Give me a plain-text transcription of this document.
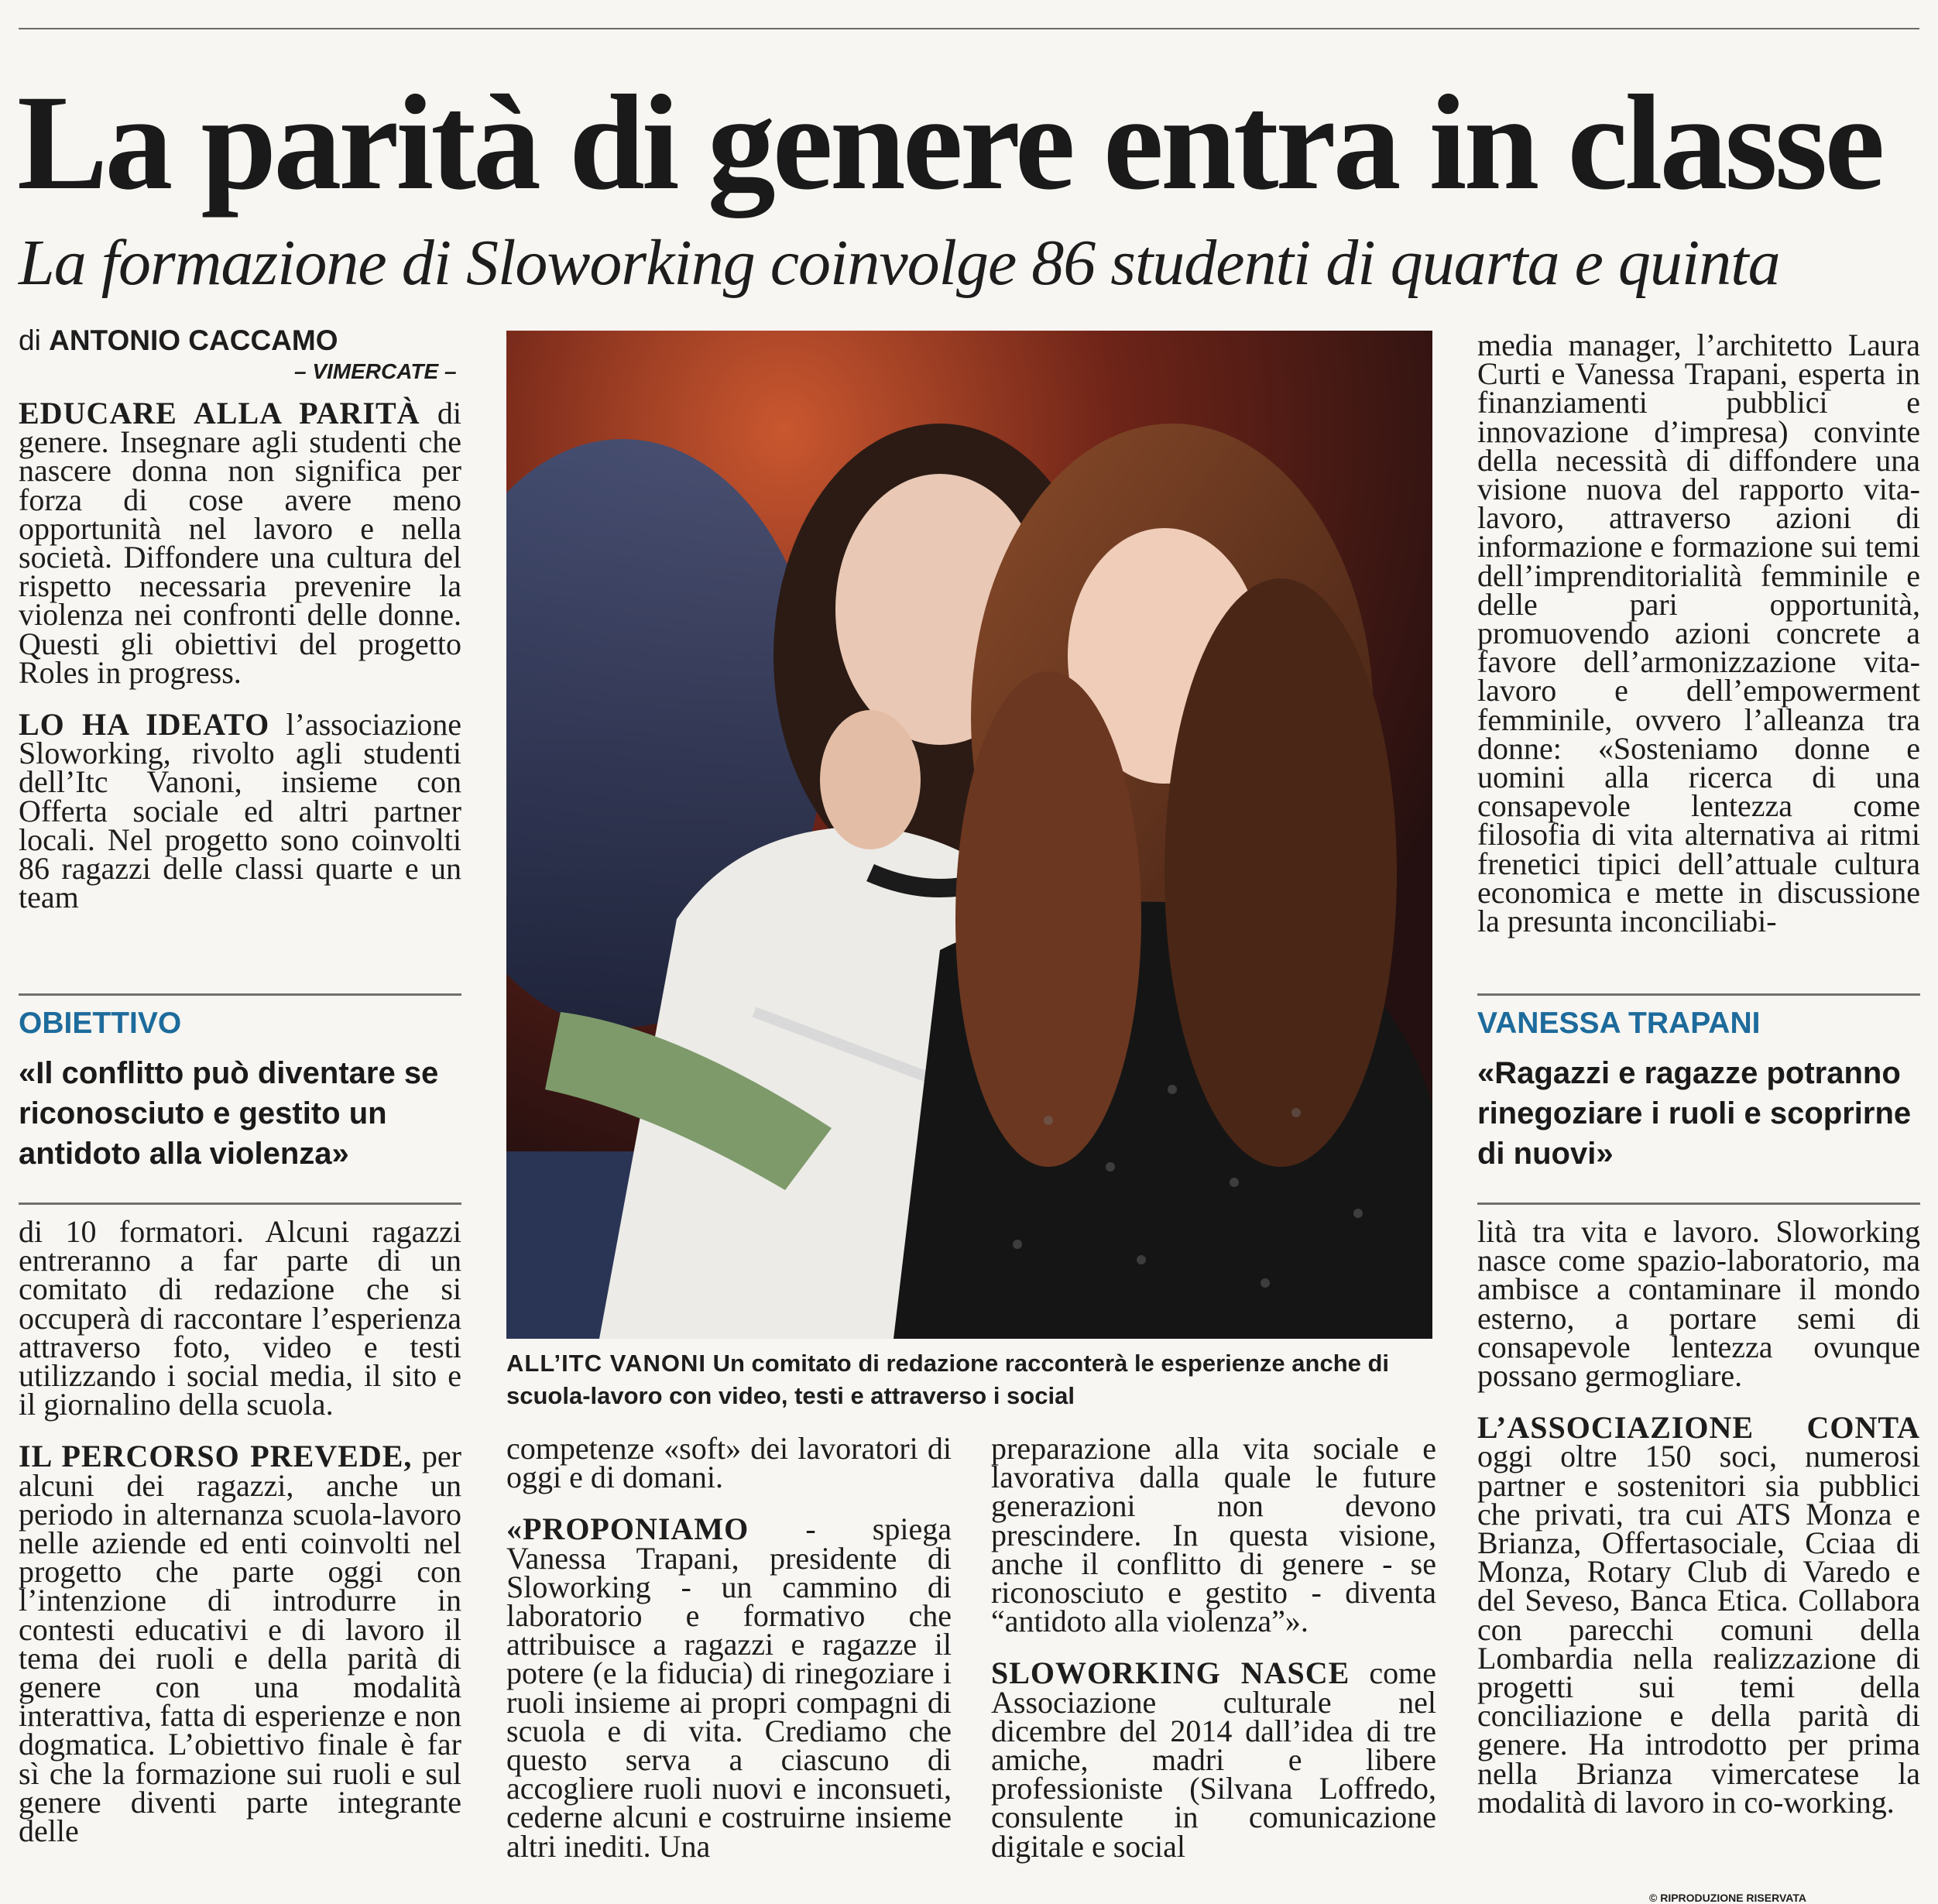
La parità di genere entra in classe
La formazione di Sloworking coinvolge 86 studenti di quarta e quinta
di ANTONIO CACCAMO
– VIMERCATE –

EDUCARE ALLA PARITÀ di genere. Insegnare agli studenti che nascere donna non significa per forza di cose avere meno opportunità nel lavoro e nella società. Diffondere una cultura del rispetto necessaria prevenire la violenza nei confronti delle donne. Questi gli obiettivi del progetto Roles in progress.

LO HA IDEATO l’associazione Sloworking, rivolto agli studenti dell’Itc Vanoni, insieme con Offerta sociale ed altri partner locali. Nel progetto sono coinvolti 86 ragazzi delle classi quarte e un team

OBIETTIVO
«Il conflitto può diventare se riconosciuto e gestito un antidoto alla violenza»

di 10 formatori. Alcuni ragazzi entreranno a far parte di un comitato di redazione che si occuperà di raccontare l’esperienza attraverso foto, video e testi utilizzando i social media, il sito e il giornalino della scuola.

IL PERCORSO PREVEDE, per alcuni dei ragazzi, anche un periodo in alternanza scuola-lavoro nelle aziende ed enti coinvolti nel progetto che parte oggi con l’intenzione di introdurre in contesti educativi e di lavoro il tema dei ruoli e della parità di genere con una modalità interattiva, fatta di esperienze e non dogmatica. L’obiettivo finale è far sì che la formazione sui ruoli e sul genere diventi parte integrante delle

ALL’ITC VANONI Un comitato di redazione racconterà le esperienze anche di scuola-lavoro con video, testi e attraverso i social

competenze «soft» dei lavoratori di oggi e di domani.

«PROPONIAMO - spiega Vanessa Trapani, presidente di Sloworking - un cammino di laboratorio e formativo che attribuisce a ragazzi e ragazze il potere (e la fiducia) di rinegoziare i ruoli insieme ai propri compagni di scuola e di vita. Crediamo che questo serva a ciascuno di accogliere ruoli nuovi e inconsueti, cederne alcuni e costruirne insieme altri inediti. Una

preparazione alla vita sociale e lavorativa dalla quale le future generazioni non devono prescindere. In questa visione, anche il conflitto di genere - se riconosciuto e gestito - diventa “antidoto alla violenza”».

SLOWORKING NASCE come Associazione culturale nel dicembre del 2014 dall’idea di tre amiche, madri e libere professioniste (Silvana Loffredo, consulente in comunicazione digitale e social

media manager, l’architetto Laura Curti e Vanessa Trapani, esperta in finanziamenti pubblici e innovazione d’impresa) convinte della necessità di diffondere una visione nuova del rapporto vita-lavoro, attraverso azioni di informazione e formazione sui temi dell’imprenditorialità femminile e delle pari opportunità, promuovendo azioni concrete a favore dell’armonizzazione vita-lavoro e dell’empowerment femminile, ovvero l’alleanza tra donne: «Sosteniamo donne e uomini alla ricerca di una consapevole lentezza come filosofia di vita alternativa ai ritmi frenetici tipici dell’attuale cultura economica e mette in discussione la presunta inconciliabi-

VANESSA TRAPANI
«Ragazzi e ragazze potranno rinegoziare i ruoli e scoprirne di nuovi»

lità tra vita e lavoro. Sloworking nasce come spazio-laboratorio, ma ambisce a contaminare il mondo esterno, a portare semi di consapevole lentezza ovunque possano germogliare.

L’ASSOCIAZIONE CONTA oggi oltre 150 soci, numerosi partner e sostenitori sia pubblici che privati, tra cui ATS Monza e Brianza, Offertasociale, Cciaa di Monza, Rotary Club di Varedo e del Seveso, Banca Etica. Collabora con parecchi comuni della Lombardia nella realizzazione di progetti sui temi della conciliazione e della parità di genere. Ha introdotto per prima nella Brianza vimercatese la modalità di lavoro in co-working.

© RIPRODUZIONE RISERVATA
